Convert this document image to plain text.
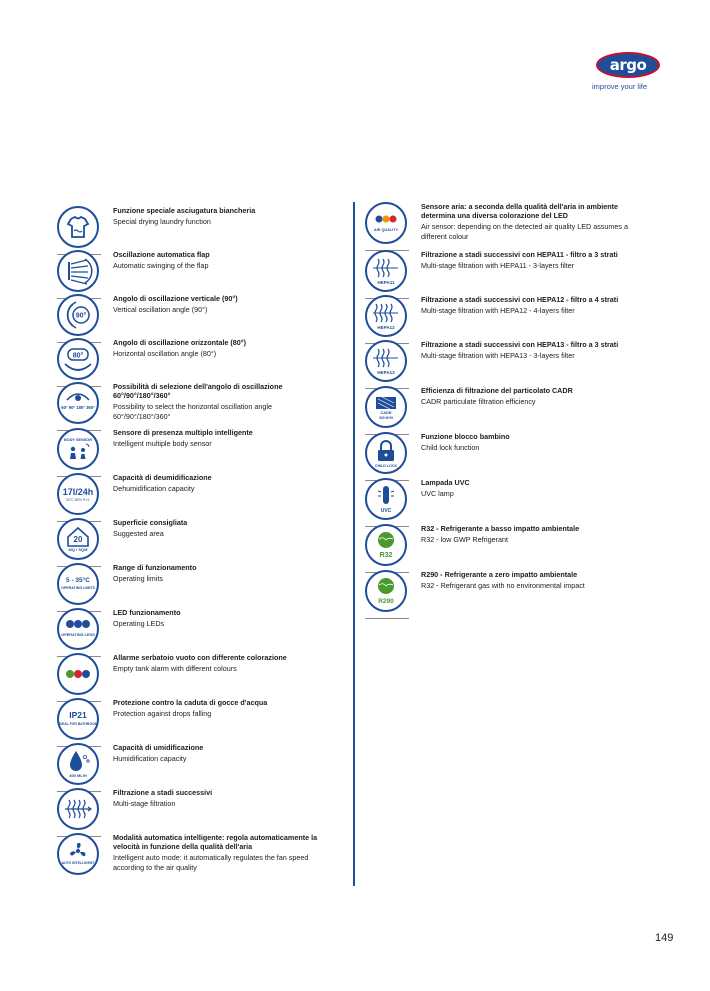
argo
improve your life
Funzione speciale asciugatura biancheria
Special drying laundry function
Oscillazione automatica flap
Automatic swinging of the flap
90°
Angolo di oscillazione verticale (90°)
Vertical oscillation angle (90°)
80°
Angolo di oscillazione orizzontale (80°)
Horizontal oscillation angle (80°)
60° 90° 180° 360°
Possibilità di selezione dell'angolo di oscillazione 60°/90°/180°/360°
Possibility to select the horizontal oscillation angle 60°/90°/180°/360°
BODY SENSOR
Sensore di presenza multiplo intelligente
Intelligent multiple body sensor
17l/24h
32°C-80% R.H.
Capacità di deumidificazione
Dehumidification capacity
20
MQ / SQM
Superficie consigliata
Suggested area
5 - 35°C
OPERATING LIMITS
Range di funzionamento
Operating limits
OPERATING LEDS
LED funzionamento
Operating LEDs
Allarme serbatoio vuoto con differente colorazione
Empty tank alarm with different colours
IP21
IDEAL FOR BATHROOM
Protezione contro la caduta di gocce d'acqua
Protection against drops falling
300 ML/H
Capacità di umidificazione
Humidification capacity
Filtrazione a stadi successivi
Multi-stage filtration
AUTO INTELLIGENT
Modalità automatica intelligente: regola automaticamente la velocità in funzione della qualità dell'aria
Intelligent auto mode: it automatically regulates the fan speed according to the air quality
AIR QUALITY
Sensore aria: a seconda della qualità dell'aria in ambiente determina una diversa colorazione del LED
Air sensor: depending on the detected air quality LED assumes a different colour
HEPA11
Filtrazione a stadi successivi con HEPA11 - filtro a 3 strati
Multi-stage filtration with HEPA11 - 3-layers filter
HEPA12
Filtrazione a stadi successivi con HEPA12 - filtro a 4 strati
Multi-stage filtration with HEPA12 - 4-layers filter
HEPA13
Filtrazione a stadi successivi con HEPA13 - filtro a 3 strati
Multi-stage filtration with HEPA13 - 3-layers filter
CADR
300 M³/H
Efficienza di filtrazione del particolato CADR
CADR particulate filtration efficiency
CHILD LOCK
Funzione blocco bambino
Child lock function
UVC
Lampada UVC
UVC lamp
R32
R32 - Refrigerante a basso impatto ambientale
R32 - low GWP Refrigerant
R290
R290 - Refrigerante a zero impatto ambientale
R32 - Refrigerant gas with no environmental impact
149
